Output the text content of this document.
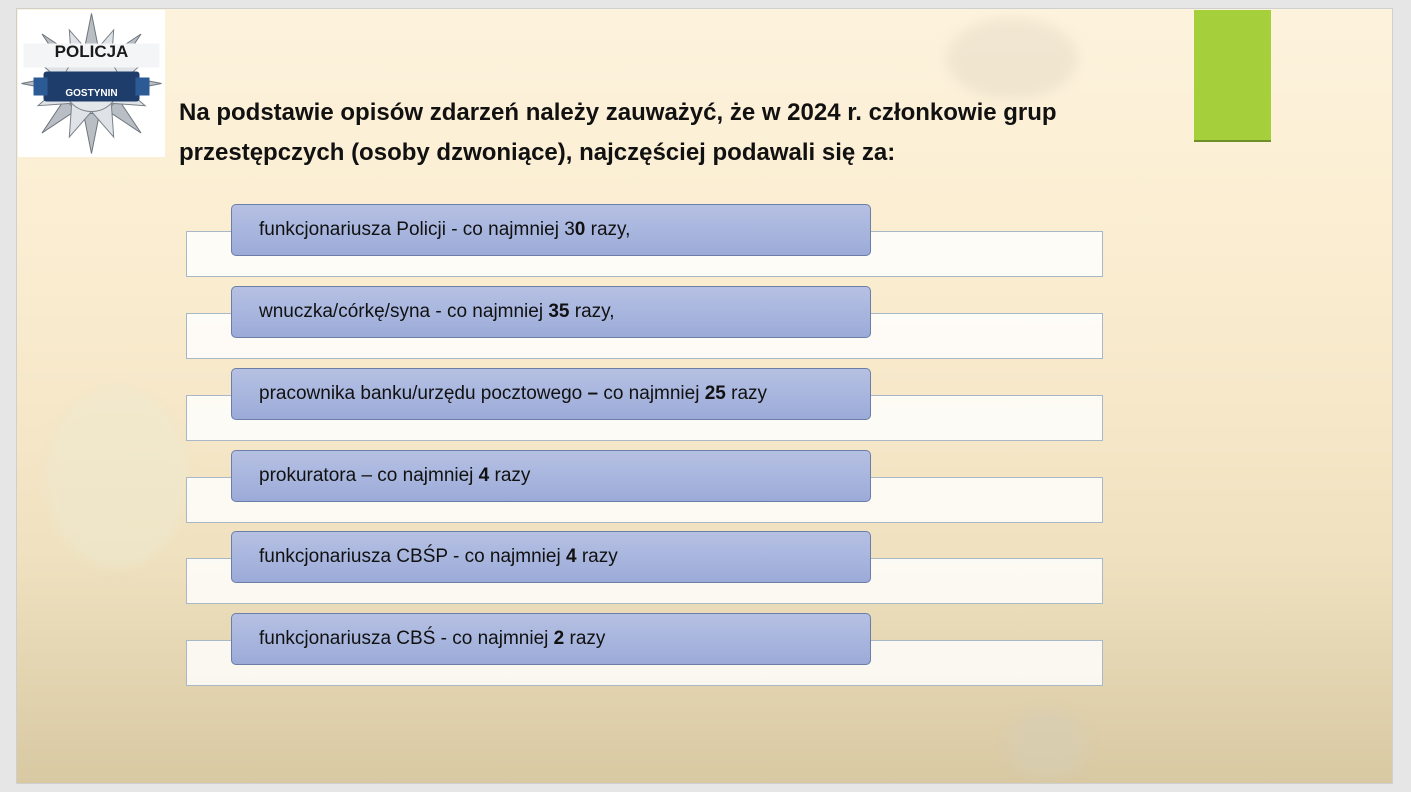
POLICJA
GOSTYNIN
Na podstawie opisów zdarzeń należy zauważyć, że w 2024 r. członkowie grup
przestępczych (osoby dzwoniące), najczęściej podawali się za:
funkcjonariusza Policji - co najmniej 30 razy,
wnuczka/córkę/syna - co najmniej 35 razy,
pracownika banku/urzędu pocztowego – co najmniej 25 razy
prokuratora – co najmniej 4 razy
funkcjonariusza CBŚP - co najmniej 4 razy
funkcjonariusza CBŚ - co najmniej 2 razy
